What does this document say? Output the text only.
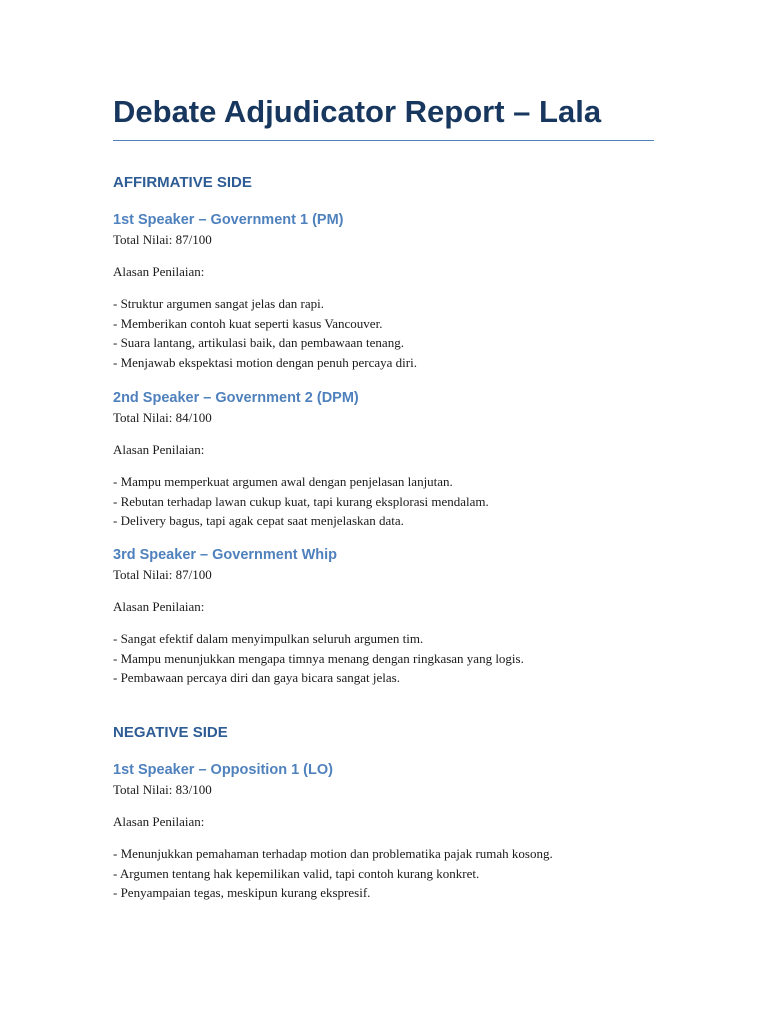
Debate Adjudicator Report – Lala
AFFIRMATIVE SIDE
1st Speaker – Government 1 (PM)

Total Nilai: 87/100

Alasan Penilaian:

- Struktur argumen sangat jelas dan rapi.
- Memberikan contoh kuat seperti kasus Vancouver.
- Suara lantang, artikulasi baik, dan pembawaan tenang.
- Menjawab ekspektasi motion dengan penuh percaya diri.
2nd Speaker – Government 2 (DPM)

Total Nilai: 84/100

Alasan Penilaian:

- Mampu memperkuat argumen awal dengan penjelasan lanjutan.
- Rebutan terhadap lawan cukup kuat, tapi kurang eksplorasi mendalam.
- Delivery bagus, tapi agak cepat saat menjelaskan data.
3rd Speaker – Government Whip

Total Nilai: 87/100

Alasan Penilaian:

- Sangat efektif dalam menyimpulkan seluruh argumen tim.
- Mampu menunjukkan mengapa timnya menang dengan ringkasan yang logis.
- Pembawaan percaya diri dan gaya bicara sangat jelas.
NEGATIVE SIDE
1st Speaker – Opposition 1 (LO)

Total Nilai: 83/100

Alasan Penilaian:

- Menunjukkan pemahaman terhadap motion dan problematika pajak rumah kosong.
- Argumen tentang hak kepemilikan valid, tapi contoh kurang konkret.
- Penyampaian tegas, meskipun kurang ekspresif.
